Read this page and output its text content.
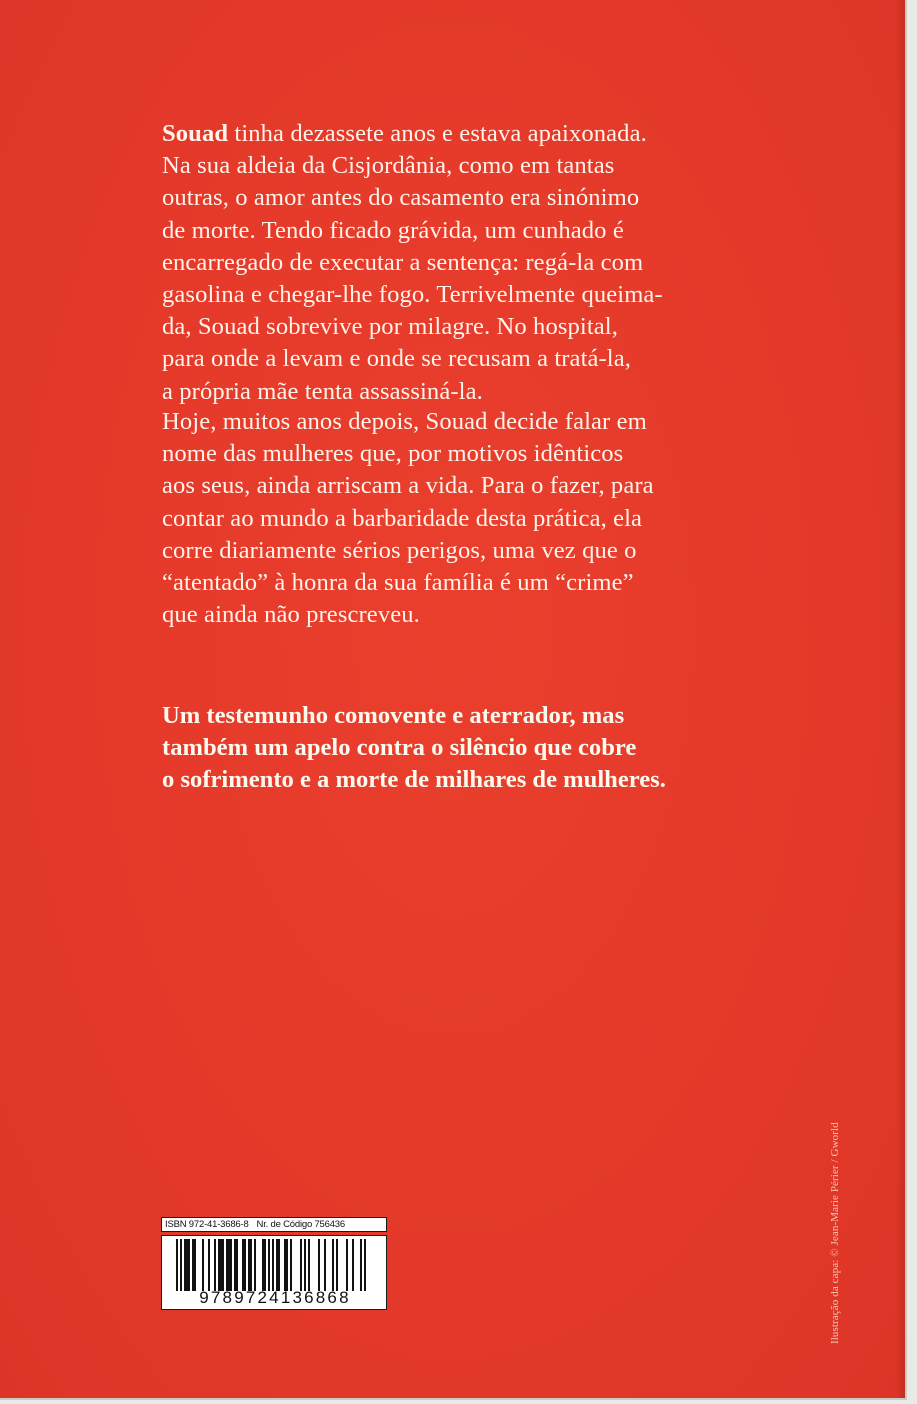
Souad tinha dezassete anos e estava apaixonada.
Na sua aldeia da Cisjordânia, como em tantas
outras, o amor antes do casamento era sinónimo
de morte. Tendo ficado grávida, um cunhado é
encarregado de executar a sentença: regá-la com
gasolina e chegar-lhe fogo. Terrivelmente queima-
da, Souad sobrevive por milagre. No hospital,
para onde a levam e onde se recusam a tratá-la,
a própria mãe tenta assassiná-la.
Hoje, muitos anos depois, Souad decide falar em
nome das mulheres que, por motivos idênticos
aos seus, ainda arriscam a vida. Para o fazer, para
contar ao mundo a barbaridade desta prática, ela
corre diariamente sérios perigos, uma vez que o
“atentado” à honra da sua família é um “crime”
que ainda não prescreveu.
Um testemunho comovente e aterrador, mas
também um apelo contra o silêncio que cobre
o sofrimento e a morte de milhares de mulheres.
ISBN 972-41-3686-8 Nr. de Código 756436
9789724136868	Ilustração da capa: © Jean-Marie Périer / Gworld
